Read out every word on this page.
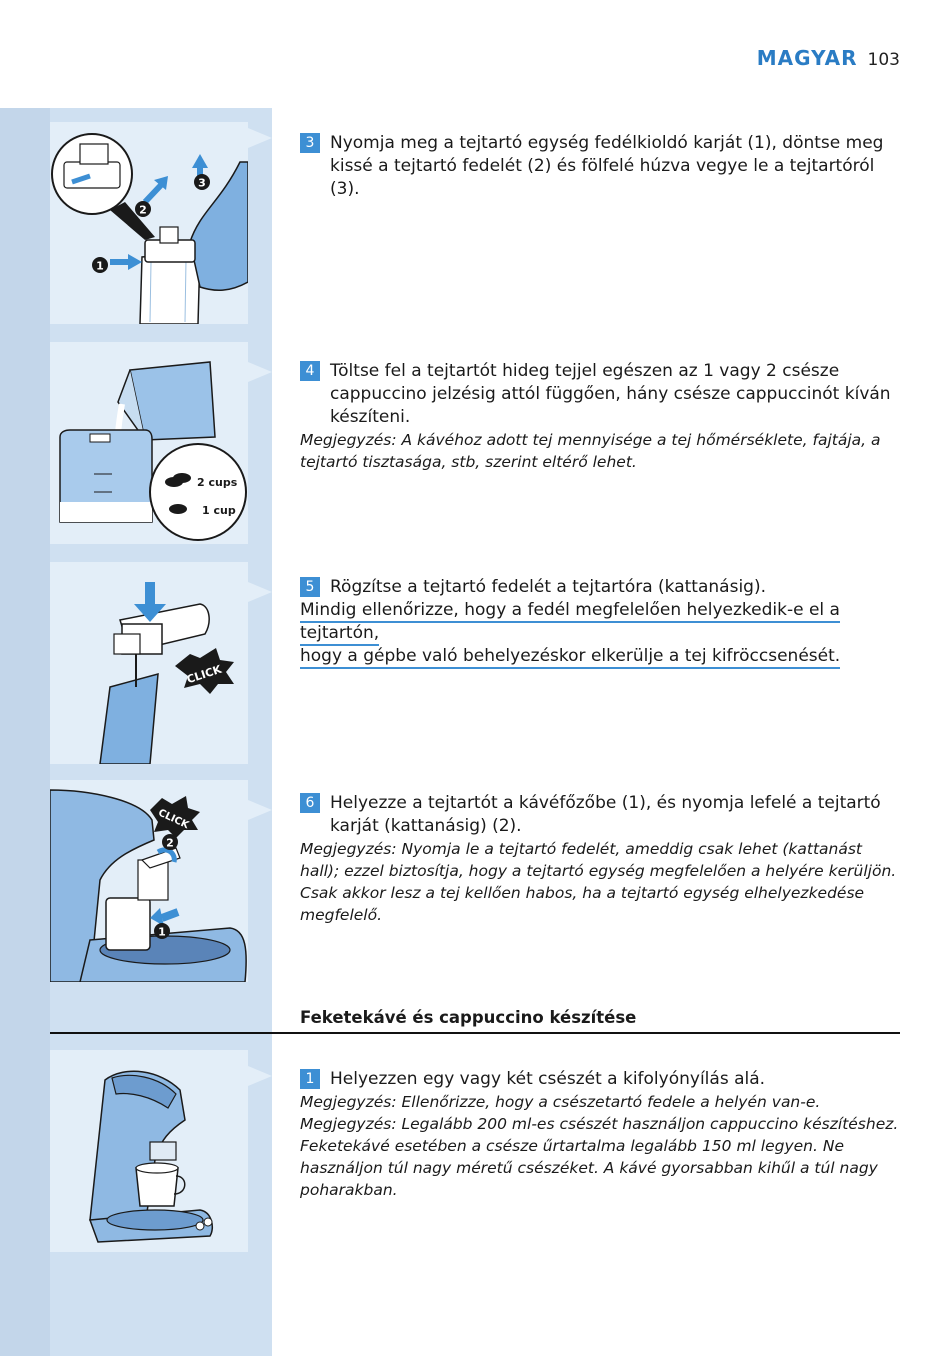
MAGYAR 103
1
2
3
2 cups
1 cup
CLICK
1
2
CLICK

3 Nyomja meg a tejtartó egység fedélkioldó karját (1), döntse meg kissé a tejtartó fedelét (2) és fölfelé húzva vegye le a tejtartóról (3).

4 Töltse fel a tejtartót hideg tejjel egészen az 1 vagy 2 csésze cappuccino jelzésig attól függően, hány csésze cappuccinót kíván készíteni.

Megjegyzés: A kávéhoz adott tej mennyisége a tej hőmérséklete, fajtája, a tejtartó tisztasága, stb, szerint eltérő lehet.

5 Rögzítse a tejtartó fedelét a tejtartóra (kattanásig).

Mindig ellenőrizze, hogy a fedél megfelelően helyezkedik-e el a tejtartón,
hogy a gépbe való behelyezéskor elkerülje a tej kifröccsenését.

6 Helyezze a tejtartót a kávéfőzőbe (1), és nyomja lefelé a tejtartó karját (kattanásig) (2).

Megjegyzés: Nyomja le a tejtartó fedelét, ameddig csak lehet (kattanást hall); ezzel biztosítja, hogy a tejtartó egység megfelelően a helyére kerüljön. Csak akkor lesz a tej kellően habos, ha a tejtartó egység elhelyezkedése megfelelő.

Feketekávé és cappuccino készítése

1 Helyezzen egy vagy két csészét a kifolyónyílás alá.

Megjegyzés: Ellenőrizze, hogy a csészetartó fedele a helyén van-e.

Megjegyzés: Legalább 200 ml-es csészét használjon cappuccino készítéshez. Feketekávé esetében a csésze űrtartalma legalább 150 ml legyen. Ne használjon túl nagy méretű csészéket. A kávé gyorsabban kihűl a túl nagy poharakban.
